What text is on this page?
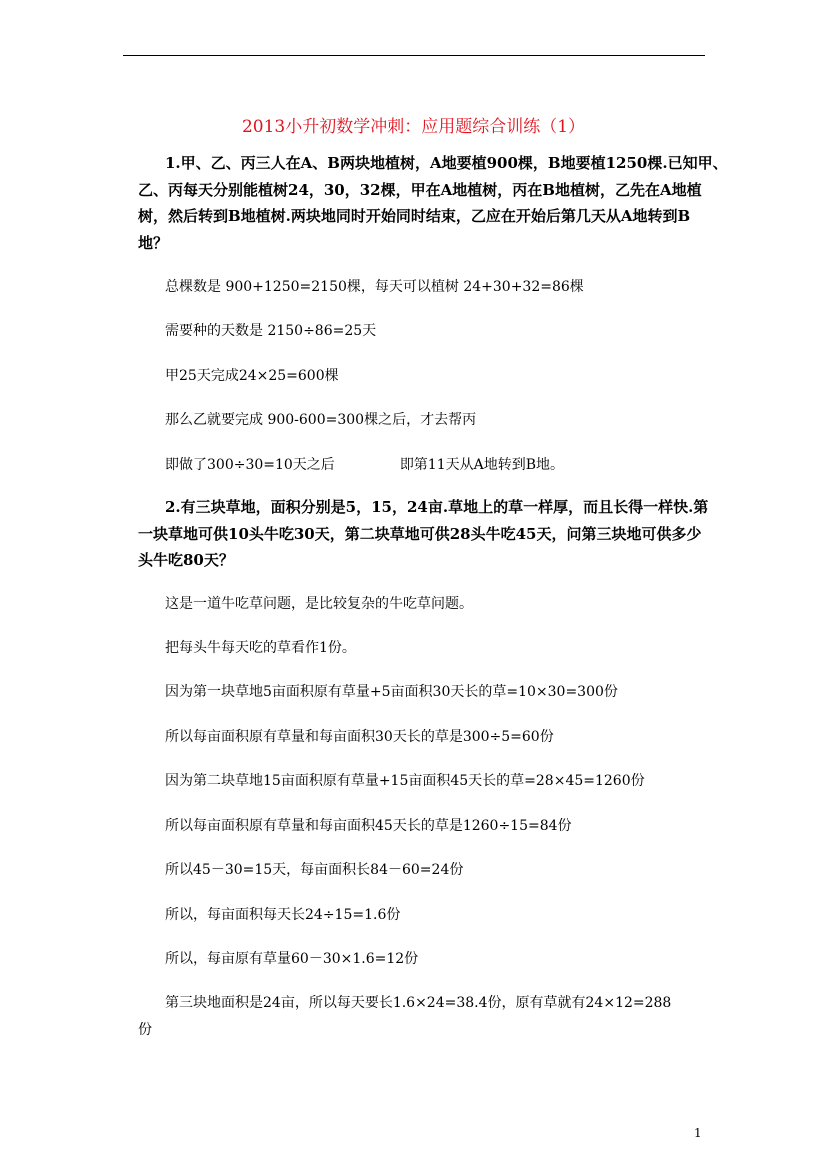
2013小升初数学冲刺：应用题综合训练（1）

1.甲、乙、丙三人在A、B两块地植树，A地要植900棵，B地要植1250棵.已知甲、

乙、丙每天分别能植树24，30，32棵，甲在A地植树，丙在B地植树，乙先在A地植

树，然后转到B地植树.两块地同时开始同时结束，乙应在开始后第几天从A地转到B

地？

总棵数是 900+1250=2150棵，每天可以植树 24+30+32=86棵
需要种的天数是 2150÷86=25天
甲25天完成24×25=600棵
那么乙就要完成 900-600=300棵之后，才去帮丙
即做了300÷30=10天之后	即第11天从A地转到B地。

2.有三块草地，面积分别是5，15，24亩.草地上的草一样厚，而且长得一样快.第

一块草地可供10头牛吃30天，第二块草地可供28头牛吃45天，问第三块地可供多少

头牛吃80天？

这是一道牛吃草问题，是比较复杂的牛吃草问题。
把每头牛每天吃的草看作1份。
因为第一块草地5亩面积原有草量+5亩面积30天长的草=10×30=300份
所以每亩面积原有草量和每亩面积30天长的草是300÷5=60份
因为第二块草地15亩面积原有草量+15亩面积45天长的草=28×45=1260份
所以每亩面积原有草量和每亩面积45天长的草是1260÷15=84份
所以45－30=15天，每亩面积长84－60=24份
所以，每亩面积每天长24÷15=1.6份
所以，每亩原有草量60－30×1.6=12份
第三块地面积是24亩，所以每天要长1.6×24=38.4份，原有草就有24×12=288
份
1
